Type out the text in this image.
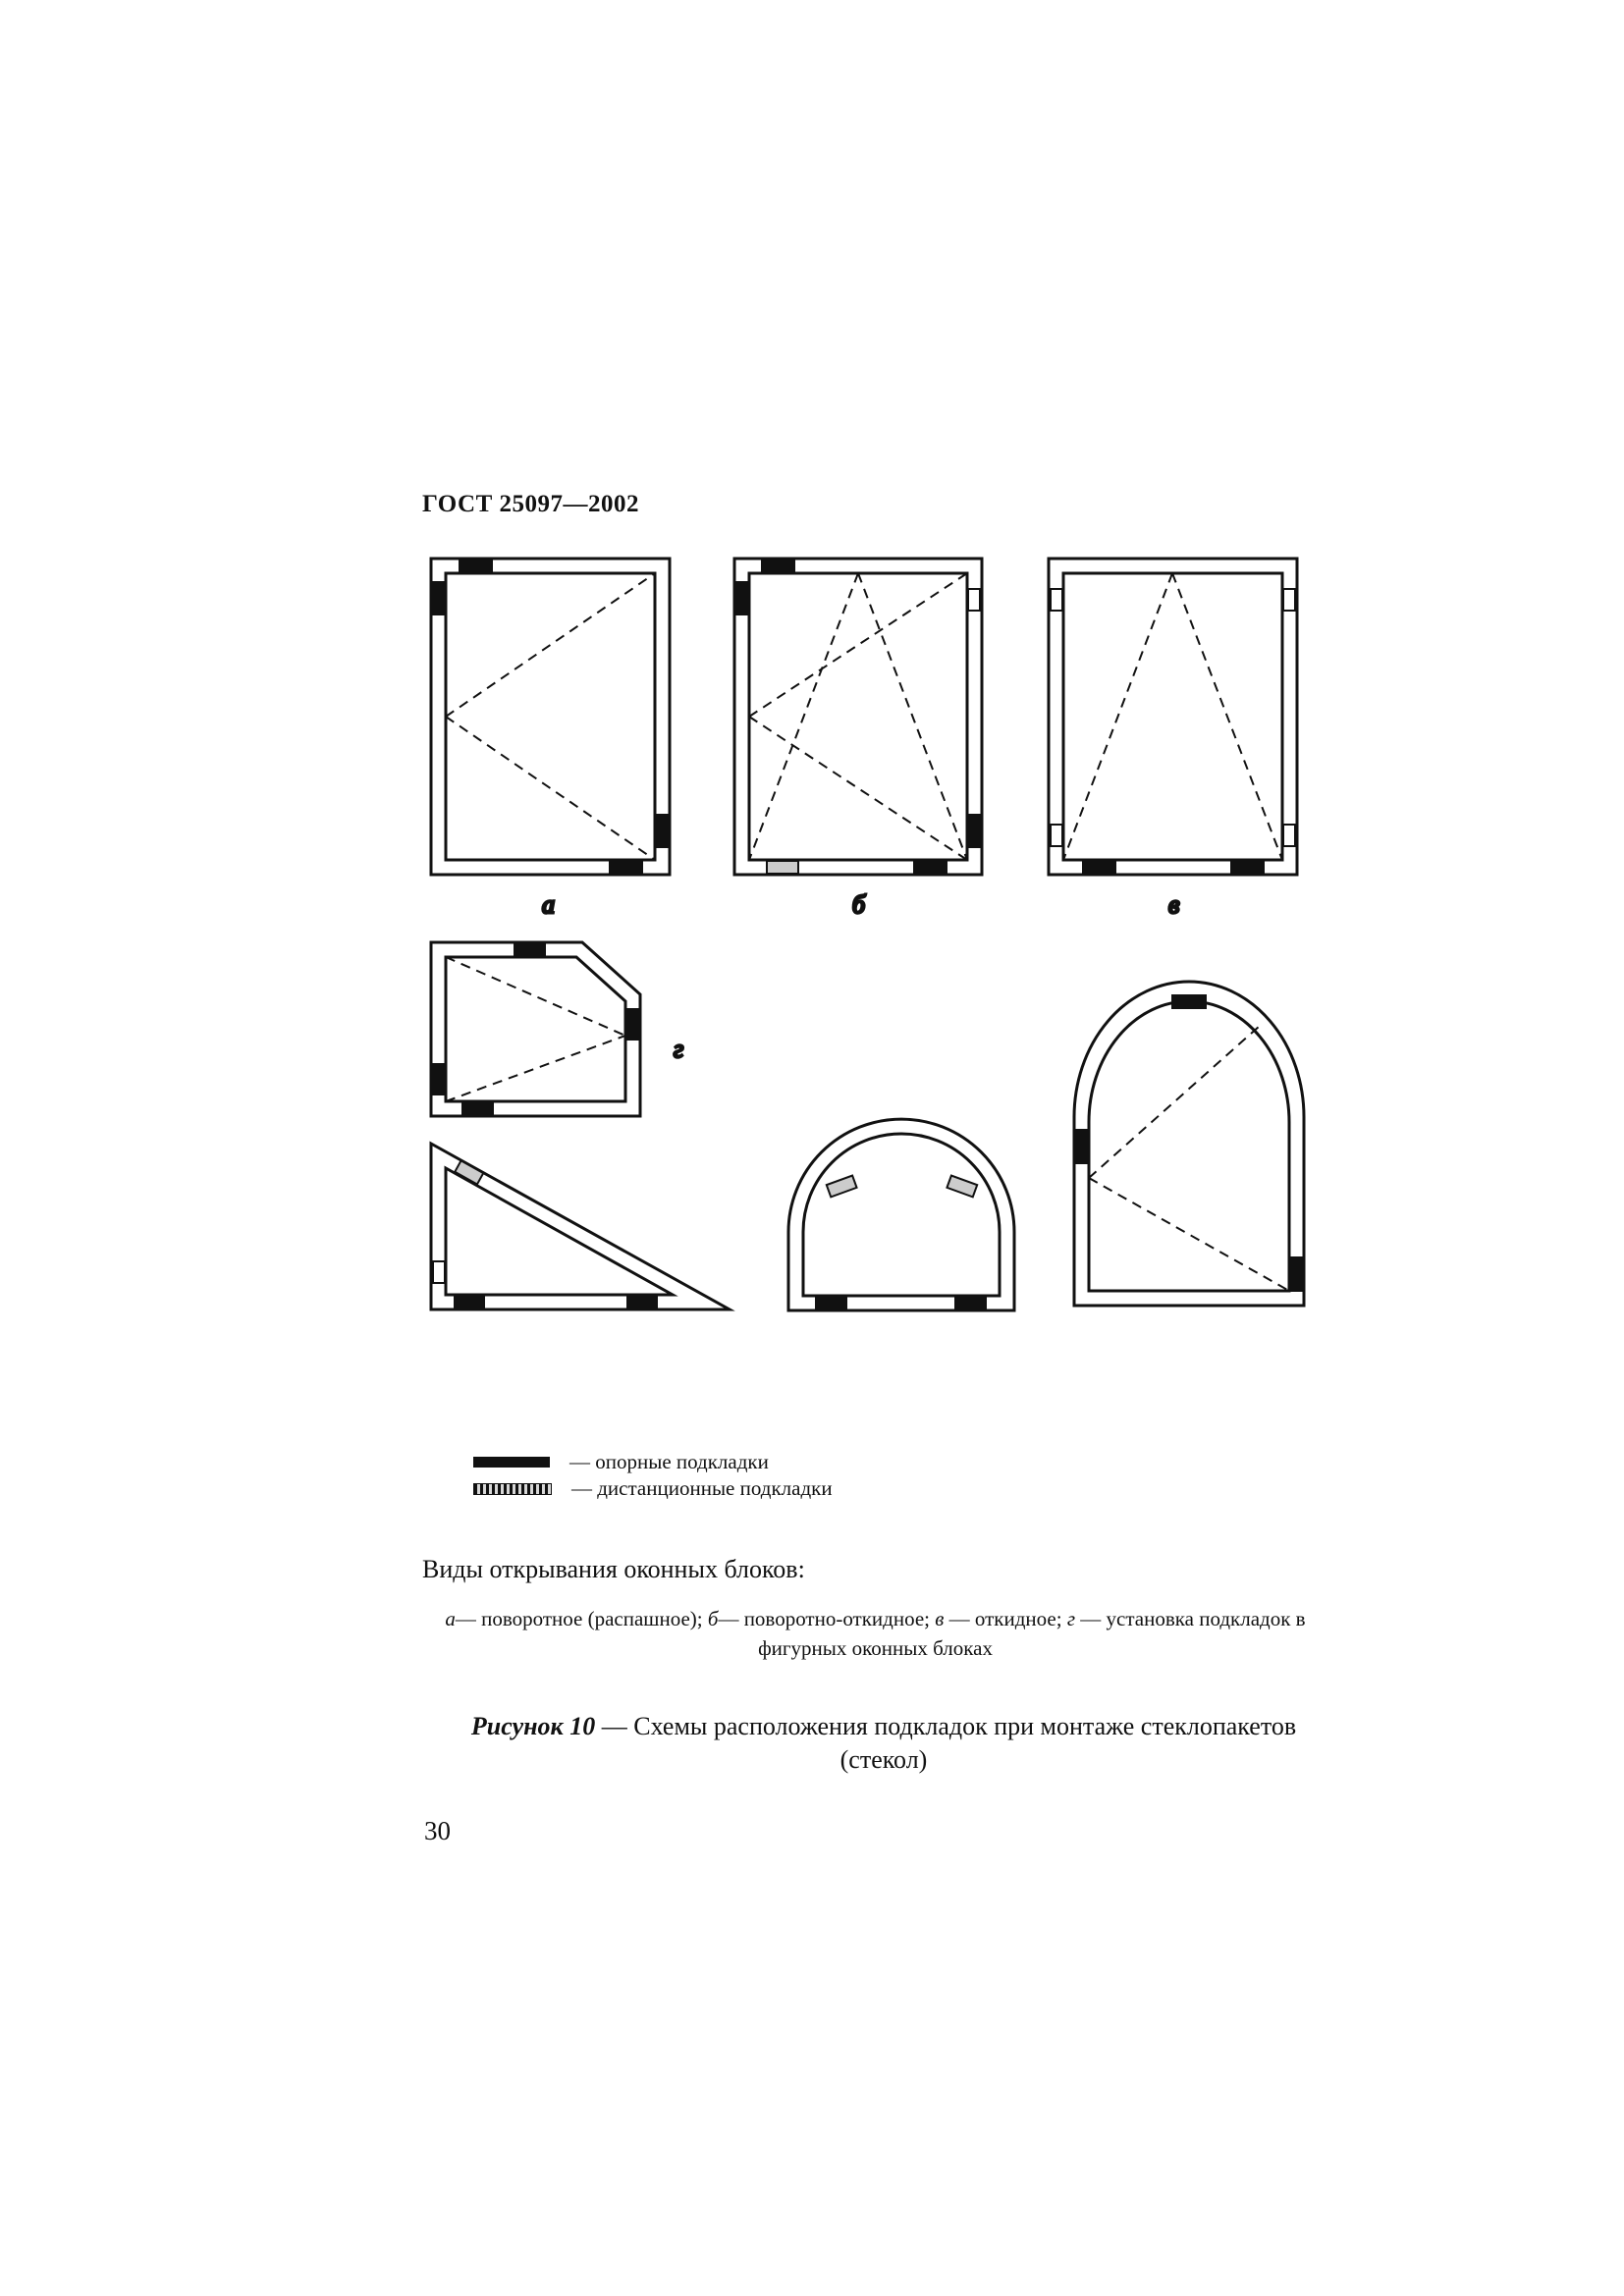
ГОСТ 25097—2002
а	б	в
г
— опорные подкладки
— дистанционные подкладки
Виды открывания оконных блоков:
а— поворотное (распашное); б— поворотно-откидное; в — откидное; г — установка подкладок в фигурных оконных блоках
Рисунок 10 — Схемы расположения подкладок при монтаже стеклопакетов (стекол)
30
